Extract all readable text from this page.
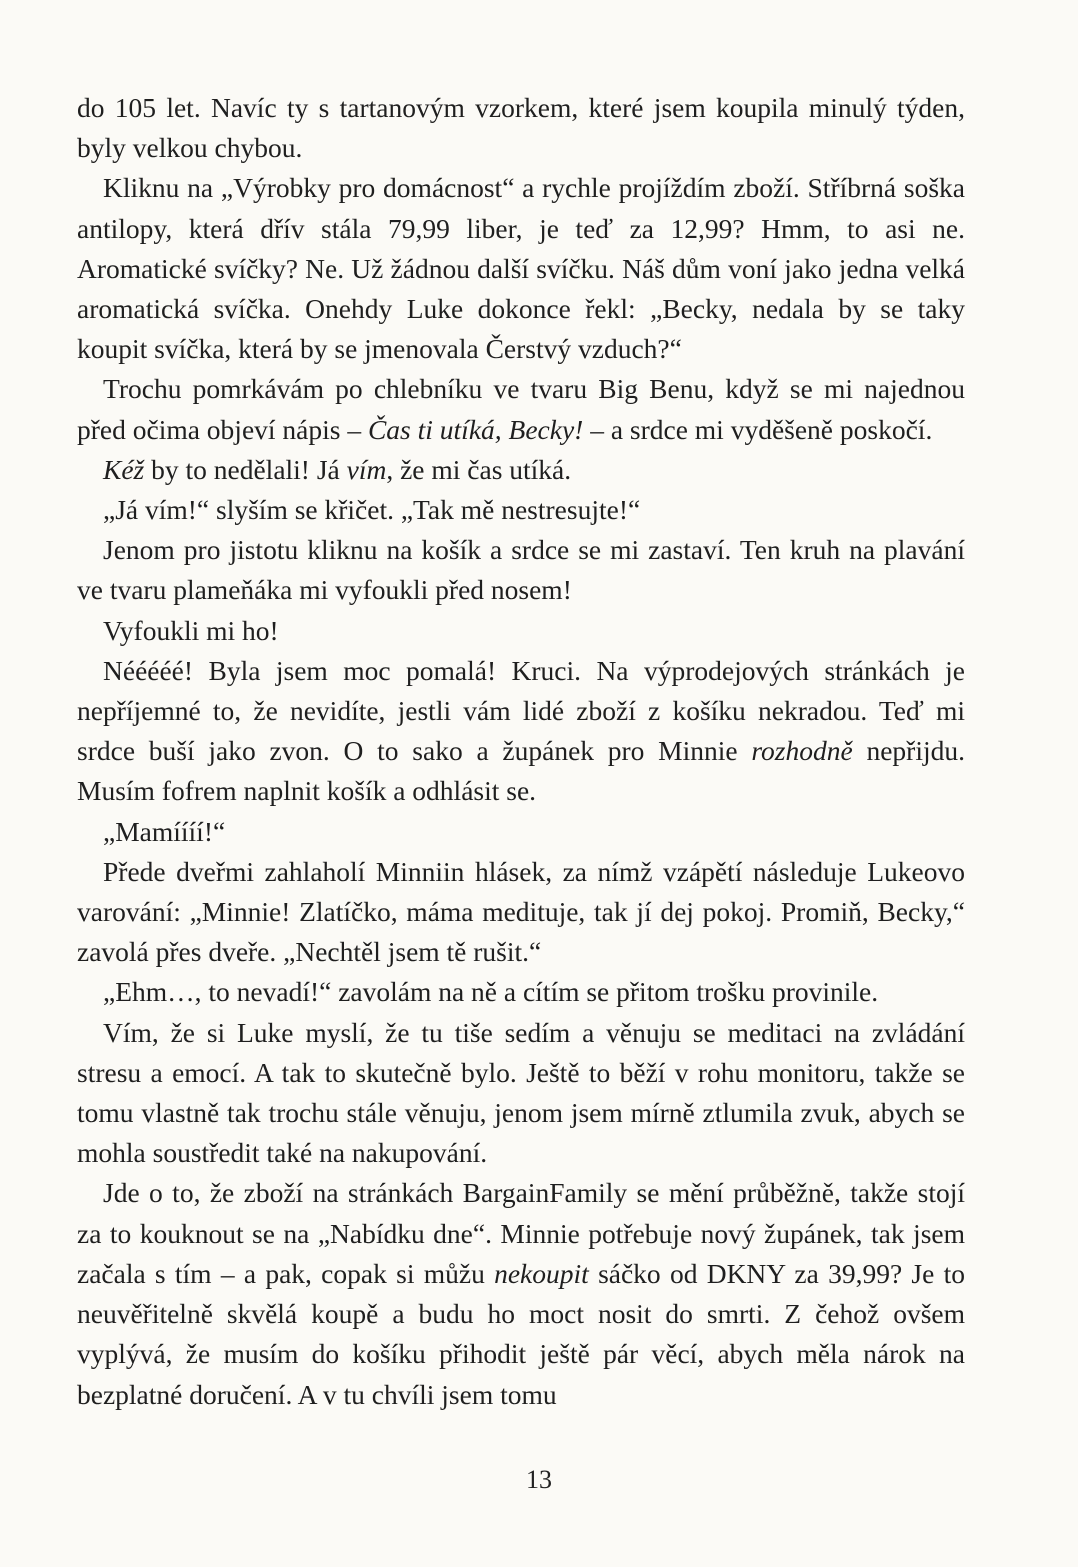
do 105 let. Navíc ty s tartanovým vzorkem, které jsem koupila minulý týden, byly velkou chybou.

Kliknu na „Výrobky pro domácnost“ a rychle projíždím zboží. Stříbrná soška antilopy, která dřív stála 79,99 liber, je teď za 12,99? Hmm, to asi ne. Aromatické svíčky? Ne. Už žádnou další svíčku. Náš dům voní jako jedna velká aromatická svíčka. Onehdy Luke dokonce řekl: „Becky, nedala by se taky koupit svíčka, která by se jmenovala Čerstvý vzduch?“

Trochu pomrkávám po chlebníku ve tvaru Big Benu, když se mi najednou před očima objeví nápis – Čas ti utíká, Becky! – a srdce mi vyděšeně poskočí.

Kéž by to nedělali! Já vím, že mi čas utíká.

„Já vím!“ slyším se křičet. „Tak mě nestresujte!“

Jenom pro jistotu kliknu na košík a srdce se mi zastaví. Ten kruh na plavání ve tvaru plameňáka mi vyfoukli před nosem!

Vyfoukli mi ho!

Nééééé! Byla jsem moc pomalá! Kruci. Na výprodejových stránkách je nepříjemné to, že nevidíte, jestli vám lidé zboží z košíku nekradou. Teď mi srdce buší jako zvon. O to sako a župánek pro Minnie rozhodně nepřijdu. Musím fofrem naplnit košík a odhlásit se.

„Mamíííí!“

Přede dveřmi zahlaholí Minniin hlásek, za nímž vzápětí následuje Lukeovo varování: „Minnie! Zlatíčko, máma medituje, tak jí dej pokoj. Promiň, Becky,“ zavolá přes dveře. „Nechtěl jsem tě rušit.“

„Ehm…, to nevadí!“ zavolám na ně a cítím se přitom trošku provinile.

Vím, že si Luke myslí, že tu tiše sedím a věnuju se meditaci na zvládání stresu a emocí. A tak to skutečně bylo. Ještě to běží v rohu monitoru, takže se tomu vlastně tak trochu stále věnuju, jenom jsem mírně ztlumila zvuk, abych se mohla soustředit také na nakupování.

Jde o to, že zboží na stránkách BargainFamily se mění průběžně, takže stojí za to kouknout se na „Nabídku dne“. Minnie potřebuje nový župánek, tak jsem začala s tím – a pak, copak si můžu nekoupit sáčko od DKNY za 39,99? Je to neuvěřitelně skvělá koupě a budu ho moct nosit do smrti. Z čehož ovšem vyplývá, že musím do košíku přihodit ještě pár věcí, abych měla nárok na bezplatné doručení. A v tu chvíli jsem tomu

13
